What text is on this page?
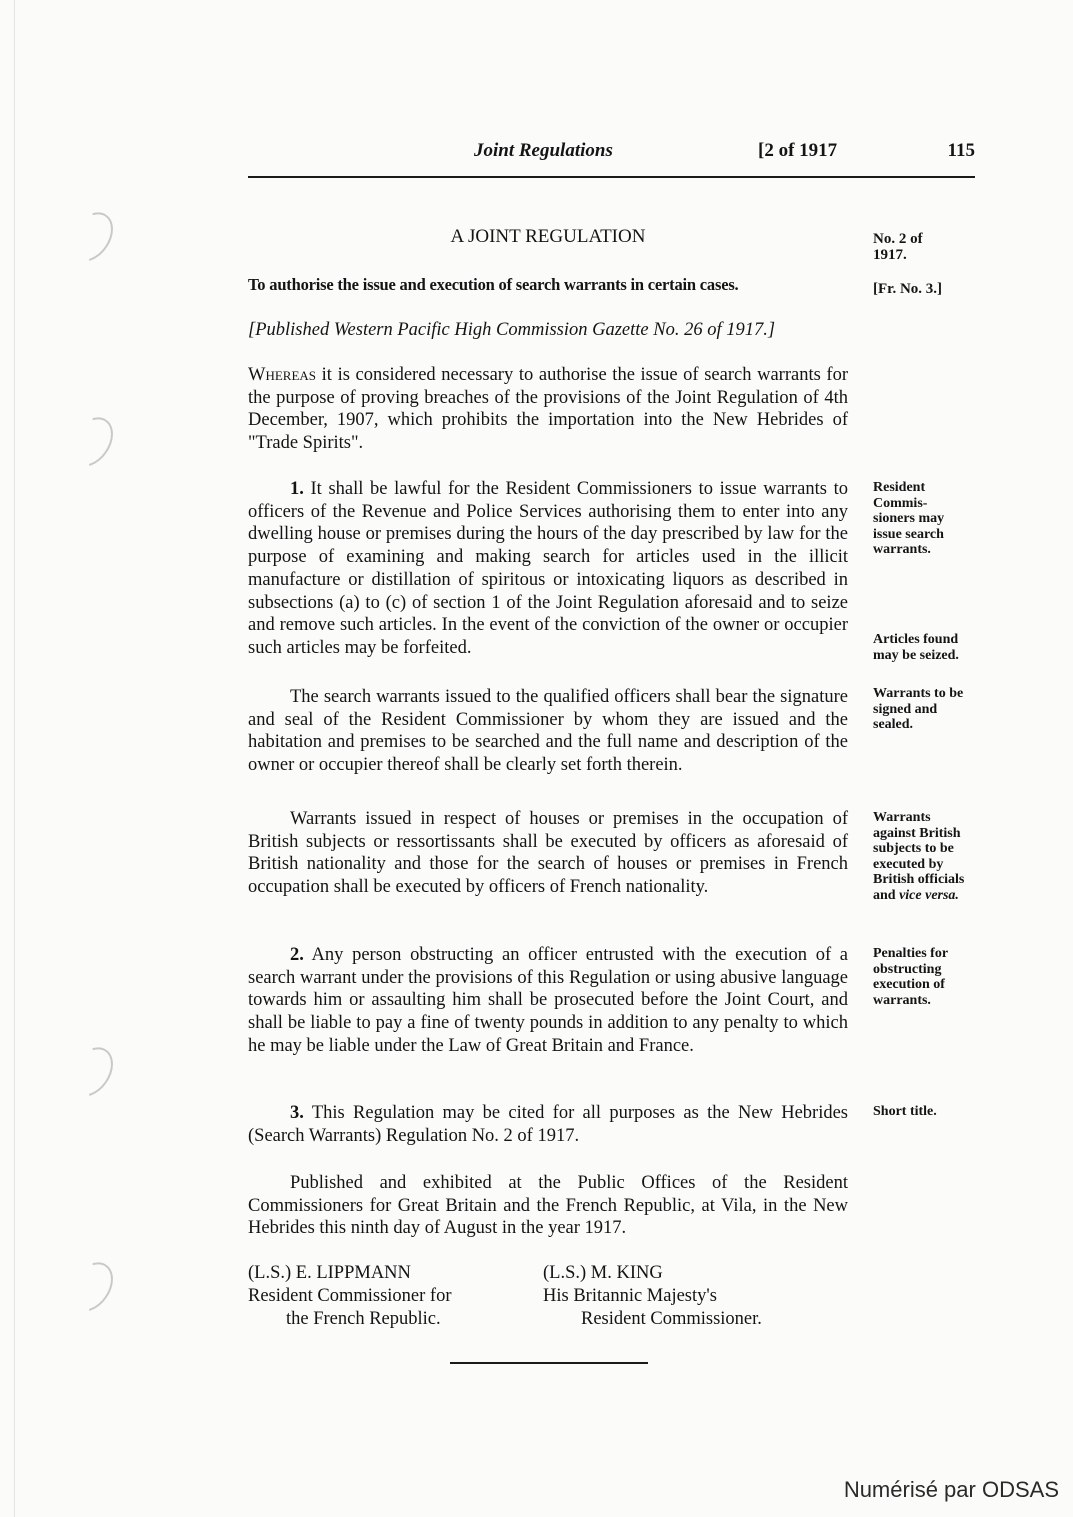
Joint Regulations	[2 of 1917	115
A JOINT REGULATION
To authorise the issue and execution of search warrants in certain cases.
[Published Western Pacific High Commission Gazette No. 26 of 1917.]
No. 2 of
1917.
[Fr. No. 3.]

Whereas it is considered necessary to authorise the issue of search warrants for the purpose of proving breaches of the provisions of the Joint Regulation of 4th December, 1907, which prohibits the importation into the New Hebrides of "Trade Spirits".

1. It shall be lawful for the Resident Commissioners to issue warrants to officers of the Revenue and Police Services authorising them to enter into any dwelling house or premises during the hours of the day prescribed by law for the purpose of examining and making search for articles used in the illicit manufacture or distillation of spiritous or intoxicating liquors as described in subsections (a) to (c) of section 1 of the Joint Regulation aforesaid and to seize and remove such articles. In the event of the conviction of the owner or occupier such articles may be forfeited.

Resident Commis- sioners may issue search warrants.
Articles found may be seized.

The search warrants issued to the qualified officers shall bear the signature and seal of the Resident Commissioner by whom they are issued and the habitation and premises to be searched and the full name and description of the owner or occupier thereof shall be clearly set forth therein.

Warrants to be signed and sealed.

Warrants issued in respect of houses or premises in the occupation of British subjects or ressortissants shall be executed by officers as aforesaid of British nationality and those for the search of houses or premises in French occupation shall be executed by officers of French nationality.

Warrants against British subjects to be executed by British officials and vice versa.

2. Any person obstructing an officer entrusted with the execution of a search warrant under the provisions of this Regulation or using abusive language towards him or assaulting him shall be prosecuted before the Joint Court, and shall be liable to pay a fine of twenty pounds in addition to any penalty to which he may be liable under the Law of Great Britain and France.

Penalties for obstructing execution of warrants.

3. This Regulation may be cited for all purposes as the New Hebrides (Search Warrants) Regulation No. 2 of 1917.

Short title.

Published and exhibited at the Public Offices of the Resident Commissioners for Great Britain and the French Republic, at Vila, in the New Hebrides this ninth day of August in the year 1917.

(L.S.) E. LIPPMANN
Resident Commissioner for
the French Republic.
(L.S.) M. KING
His Britannic Majesty's
Resident Commissioner.
Numérisé par ODSAS
